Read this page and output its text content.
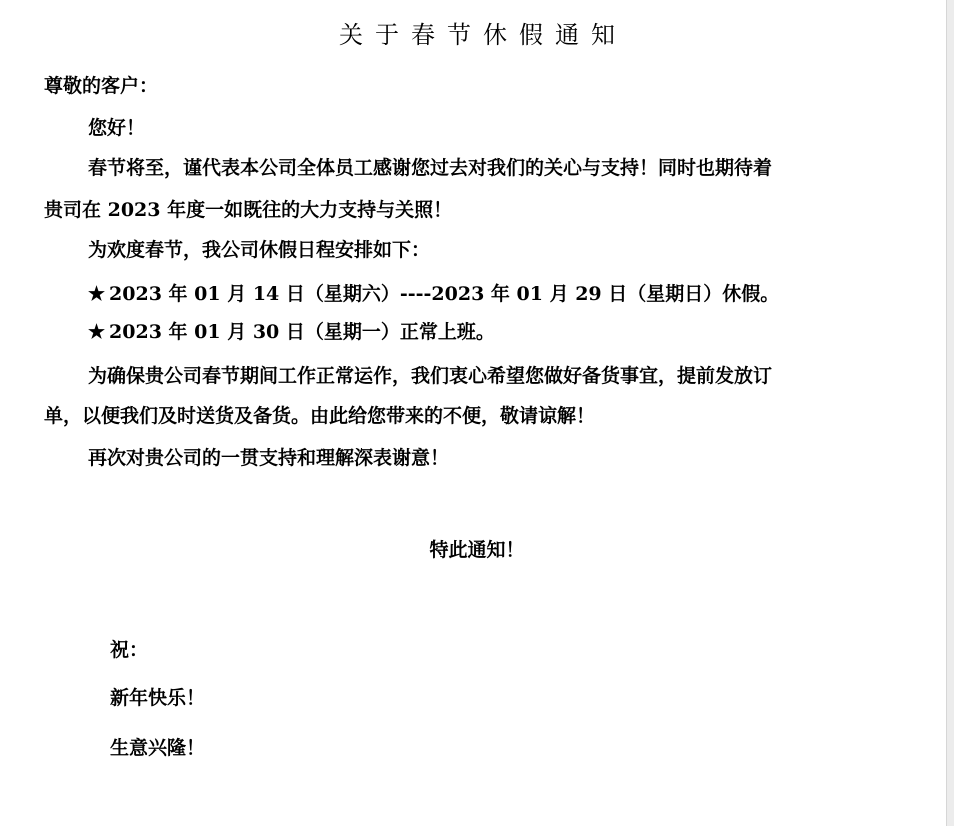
关于春节休假通知
尊敬的客户：
您好！
春节将至，谨代表本公司全体员工感谢您过去对我们的关心与支持！同时也期待着
贵司在 2023 年度一如既往的大力支持与关照！
为欢度春节，我公司休假日程安排如下：
★ 2023 年 01 月 14 日（星期六）----2023 年 01 月 29 日（星期日）休假。
★ 2023 年 01 月 30 日（星期一）正常上班。
为确保贵公司春节期间工作正常运作，我们衷心希望您做好备货事宜，提前发放订
单，以便我们及时送货及备货。由此给您带来的不便，敬请谅解！
再次对贵公司的一贯支持和理解深表谢意！
特此通知！
祝：
新年快乐！
生意兴隆！
